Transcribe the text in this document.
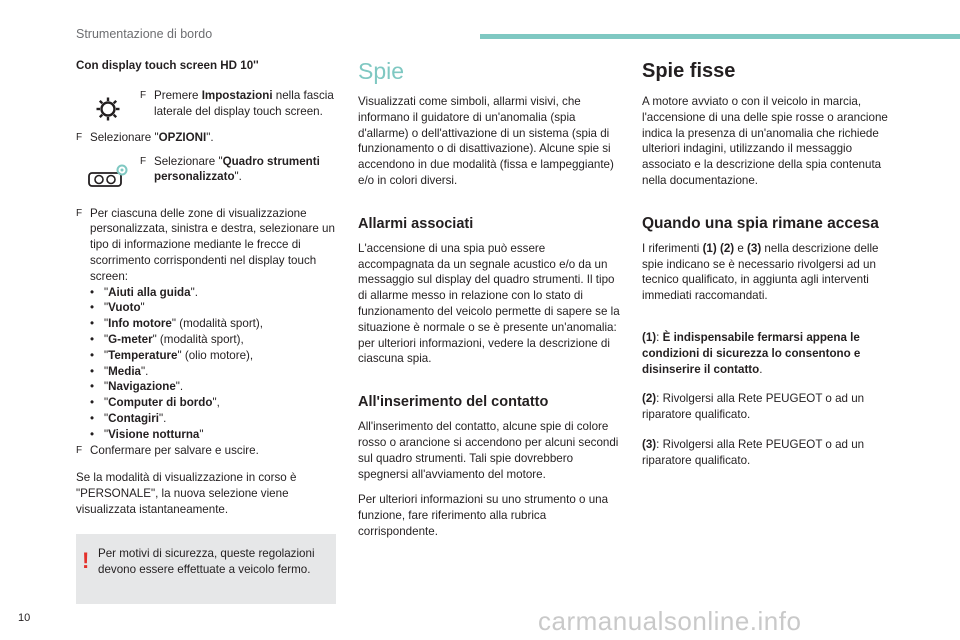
Strumentazione di bordo

Con display touch screen HD 10''

F Premere Impostazioni nella fascia laterale del display touch screen.
F Selezionare "OPZIONI".
F Selezionare "Quadro strumenti personalizzato".
F Per ciascuna delle zone di visualizzazione personalizzata, sinistra e destra, selezionare un tipo di informazione mediante le frecce di scorrimento corrispondenti nel display touch screen:
• "Aiuti alla guida".
• "Vuoto"
• "Info motore" (modalità sport),
• "G-meter" (modalità sport),
• "Temperature" (olio motore),
• "Media".
• "Navigazione".
• "Computer di bordo",
• "Contagiri".
• "Visione notturna"
F Confermare per salvare e uscire.

Se la modalità di visualizzazione in corso è "PERSONALE", la nuova selezione viene visualizzata istantaneamente.

! Per motivi di sicurezza, queste regolazioni devono essere effettuate a veicolo fermo.
Spie

Visualizzati come simboli, allarmi visivi, che informano il guidatore di un'anomalia (spia d'allarme) o dell'attivazione di un sistema (spia di funzionamento o di disattivazione). Alcune spie si accendono in due modalità (fissa e lampeggiante) e/o in colori diversi.

Allarmi associati

L'accensione di una spia può essere accompagnata da un segnale acustico e/o da un messaggio sul display del quadro strumenti. Il tipo di allarme messo in relazione con lo stato di funzionamento del veicolo permette di sapere se la situazione è normale o se è presente un'anomalia: per ulteriori informazioni, vedere la descrizione di ciascuna spia.

All'inserimento del contatto

All'inserimento del contatto, alcune spie di colore rosso o arancione si accendono per alcuni secondi sul quadro strumenti. Tali spie dovrebbero spegnersi all'avviamento del motore.

Per ulteriori informazioni su uno strumento o una funzione, fare riferimento alla rubrica corrispondente.

Spie fisse

A motore avviato o con il veicolo in marcia, l'accensione di una delle spie rosse o arancione indica la presenza di un'anomalia che richiede ulteriori indagini, utilizzando il messaggio associato e la descrizione della spia contenuta nella documentazione.

Quando una spia rimane accesa

I riferimenti (1) (2) e (3) nella descrizione delle spie indicano se è necessario rivolgersi ad un tecnico qualificato, in aggiunta agli interventi immediati raccomandati.

(1): È indispensabile fermarsi appena le condizioni di sicurezza lo consentono e disinserire il contatto.

(2): Rivolgersi alla Rete PEUGEOT o ad un riparatore qualificato.

(3): Rivolgersi alla Rete PEUGEOT o ad un riparatore qualificato.

10	carmanualsonline.info
